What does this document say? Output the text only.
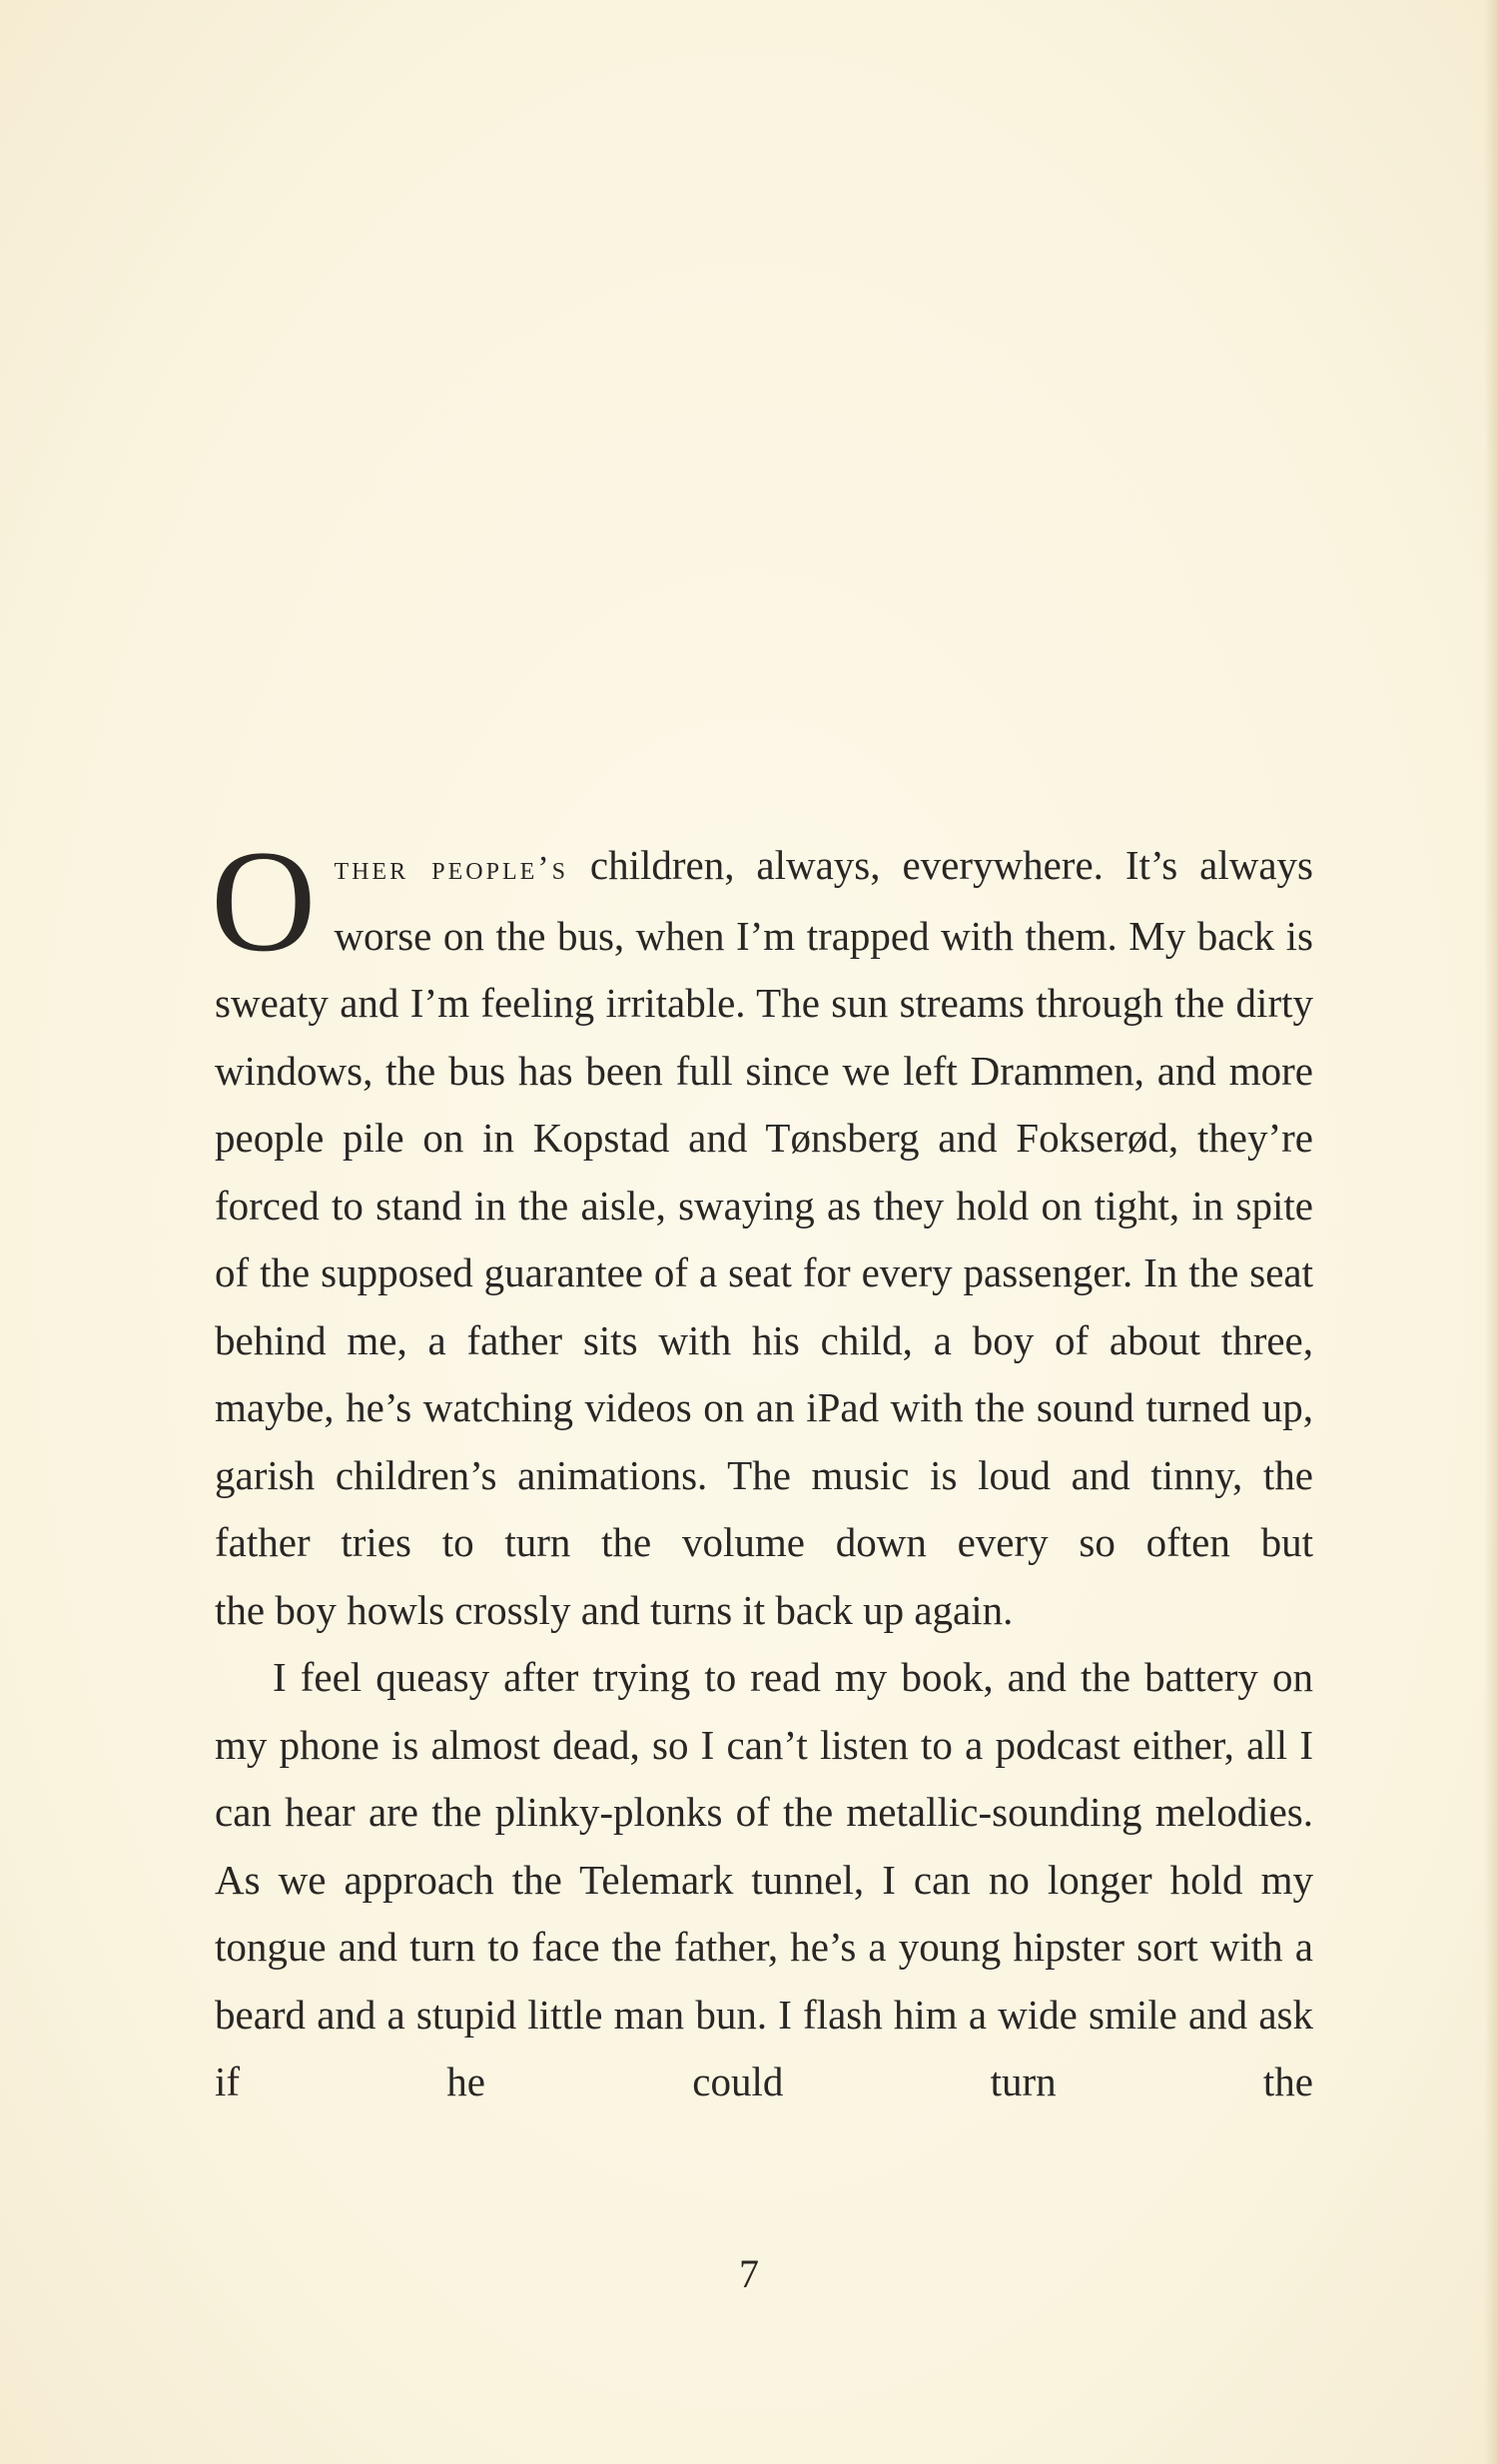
Other people’s children, always, everywhere. It’s always worse on the bus, when I’m trapped with them. My back is sweaty and I’m feeling irritable. The sun streams through the dirty windows, the bus has been full since we left Drammen, and more people pile on in Kopstad and Tønsberg and Fokserød, they’re forced to stand in the aisle, swaying as they hold on tight, in spite of the supposed guarantee of a seat for every passenger. In the seat behind me, a father sits with his child, a boy of about three, maybe, he’s watching videos on an iPad with the sound turned up, garish children’s animations. The music is loud and tinny, the father tries to turn the volume down every so often but
the boy howls crossly and turns it back up again.

I feel queasy after trying to read my book, and the battery on my phone is almost dead, so I can’t listen to a podcast either, all I can hear are the plinky-plonks of the metallic-sounding melodies. As we approach the Telemark tunnel, I can no longer hold my tongue and turn to face the father, he’s a young hipster sort with a beard and a stupid little man bun. I flash him a wide smile and ask if he could turn the

7
